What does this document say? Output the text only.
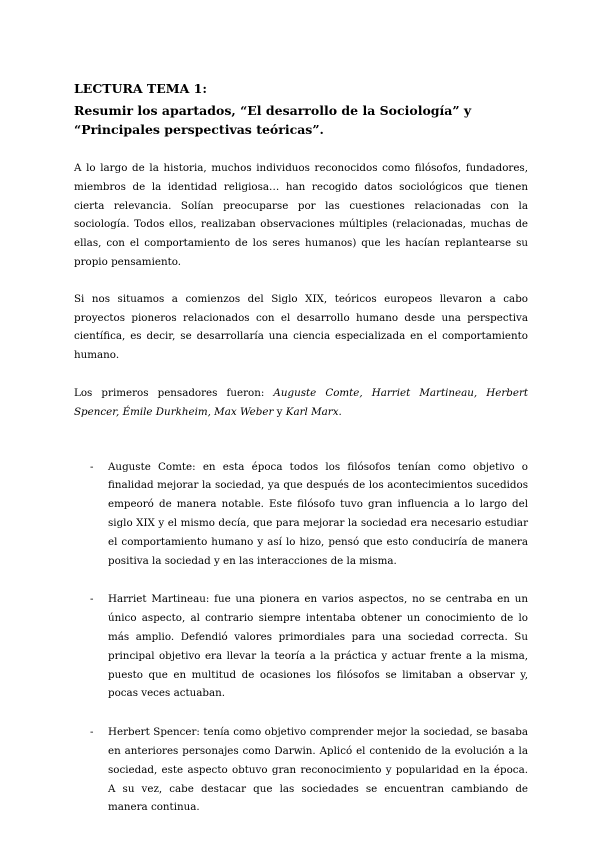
LECTURA TEMA 1:
Resumir los apartados, “El desarrollo de la Sociología” y “Principales perspectivas teóricas”.

A lo largo de la historia, muchos individuos reconocidos como filósofos, fundadores, miembros de la identidad religiosa… han recogido datos sociológicos que tienen cierta relevancia. Solían preocuparse por las cuestiones relacionadas con la sociología. Todos ellos, realizaban observaciones múltiples (relacionadas, muchas de ellas, con el comportamiento de los seres humanos) que les hacían replantearse su propio pensamiento.

Si nos situamos a comienzos del Siglo XIX, teóricos europeos llevaron a cabo proyectos pioneros relacionados con el desarrollo humano desde una perspectiva científica, es decir, se desarrollaría una ciencia especializada en el comportamiento humano.

Los primeros pensadores fueron: Auguste Comte, Harriet Martineau, Herbert Spencer, Émile Durkheim, Max Weber y Karl Marx.

- Auguste Comte: en esta época todos los filósofos tenían como objetivo o finalidad mejorar la sociedad, ya que después de los acontecimientos sucedidos empeoró de manera notable. Este filósofo tuvo gran influencia a lo largo del siglo XIX y el mismo decía, que para mejorar la sociedad era necesario estudiar el comportamiento humano y así lo hizo, pensó que esto conduciría de manera positiva la sociedad y en las interacciones de la misma.

- Harriet Martineau: fue una pionera en varios aspectos, no se centraba en un único aspecto, al contrario siempre intentaba obtener un conocimiento de lo más amplio. Defendió valores primordiales para una sociedad correcta. Su principal objetivo era llevar la teoría a la práctica y actuar frente a la misma, puesto que en multitud de ocasiones los filósofos se limitaban a observar y, pocas veces actuaban.

- Herbert Spencer: tenía como objetivo comprender mejor la sociedad, se basaba en anteriores personajes como Darwin. Aplicó el contenido de la evolución a la sociedad, este aspecto obtuvo gran reconocimiento y popularidad en la época. A su vez, cabe destacar que las sociedades se encuentran cambiando de manera continua.
